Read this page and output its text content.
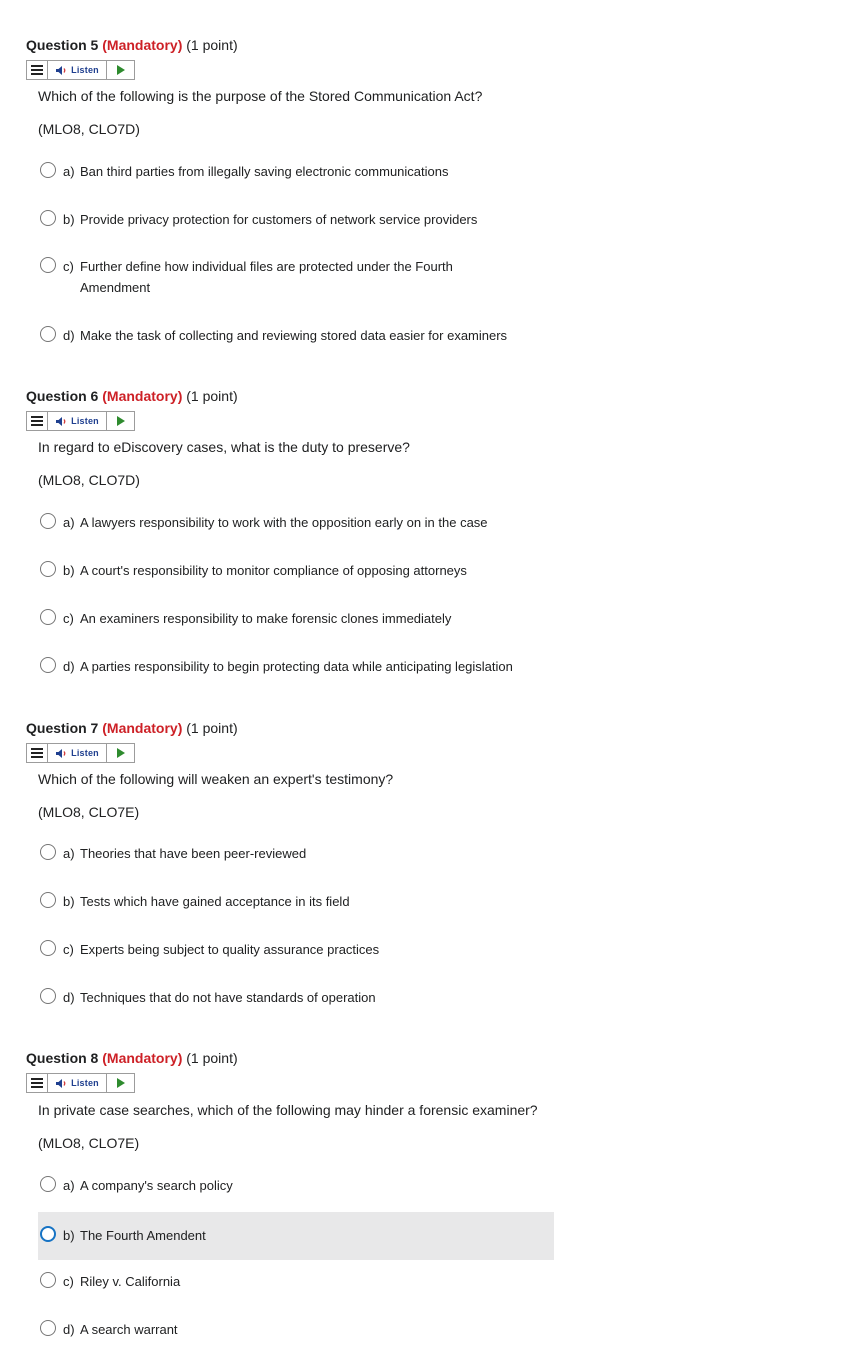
Question 5 (Mandatory) (1 point)
Listen
Which of the following is the purpose of the Stored Communication Act?
(MLO8, CLO7D)
a) Ban third parties from illegally saving electronic communications
b) Provide privacy protection for customers of network service providers
c) Further define how individual files are protected under the Fourth Amendment
d) Make the task of collecting and reviewing stored data easier for examiners
Question 6 (Mandatory) (1 point)
Listen
In regard to eDiscovery cases, what is the duty to preserve?
(MLO8, CLO7D)
a) A lawyers responsibility to work with the opposition early on in the case
b) A court's responsibility to monitor compliance of opposing attorneys
c) An examiners responsibility to make forensic clones immediately
d) A parties responsibility to begin protecting data while anticipating legislation
Question 7 (Mandatory) (1 point)
Listen
Which of the following will weaken an expert's testimony?
(MLO8, CLO7E)
a) Theories that have been peer-reviewed
b) Tests which have gained acceptance in its field
c) Experts being subject to quality assurance practices
d) Techniques that do not have standards of operation
Question 8 (Mandatory) (1 point)
Listen
In private case searches, which of the following may hinder a forensic examiner?
(MLO8, CLO7E)
a) A company's search policy
b) The Fourth Amendent
c) Riley v. California
d) A search warrant
